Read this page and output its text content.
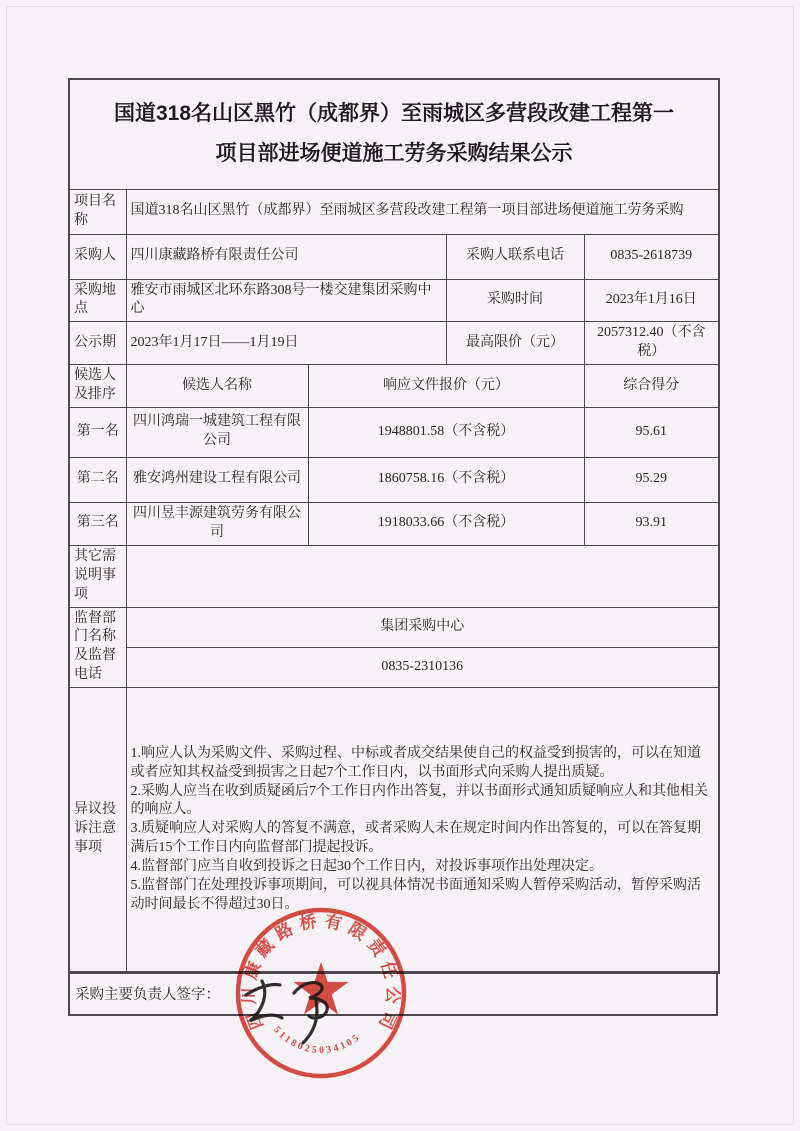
国道318名山区黑竹（成都界）至雨城区多营段改建工程第一项目部进场便道施工劳务采购结果公示				

项目名称	国道318名山区黑竹（成都界）至雨城区多营段改建工程第一项目部进场便道施工劳务采购			
采购人	四川康藏路桥有限责任公司		采购人联系电话	0835-2618739
采购地点	雅安市雨城区北环东路308号一楼交建集团采购中心		采购时间	2023年1月16日
公示期	2023年1月17日——1月19日		最高限价（元）	2057312.40（不含税）
候选人及排序	候选人名称	响应文件报价（元）		综合得分
第一名	四川鸿瑞一城建筑工程有限公司	1948801.58（不含税）		95.61
第二名	雅安鸿州建设工程有限公司	1860758.16（不含税）		95.29
第三名	四川昱丰源建筑劳务有限公司	1918033.66（不含税）		93.91
其它需说明事项				
监督部门名称及监督电话	集团采购中心			
	0835-2310136			
异议投诉注意事项	1.响应人认为采购文件、采购过程、中标或者成交结果使自己的权益受到损害的，可以在知道或者应知其权益受到损害之日起7个工作日内，以书面形式向采购人提出质疑。
2.采购人应当在收到质疑函后7个工作日内作出答复，并以书面形式通知质疑响应人和其他相关的响应人。
3.质疑响应人对采购人的答复不满意，或者采购人未在规定时间内作出答复的，可以在答复期满后15个工作日内向监督部门提起投诉。
4.监督部门应当自收到投诉之日起30个工作日内，对投诉事项作出处理决定。
5.监督部门在处理投诉事项期间，可以视具体情况书面通知采购人暂停采购活动，暂停采购活动时间最长不得超过30日。			
采购主要负责人签字：
四川康藏路桥有限责任公司
5118025034105
